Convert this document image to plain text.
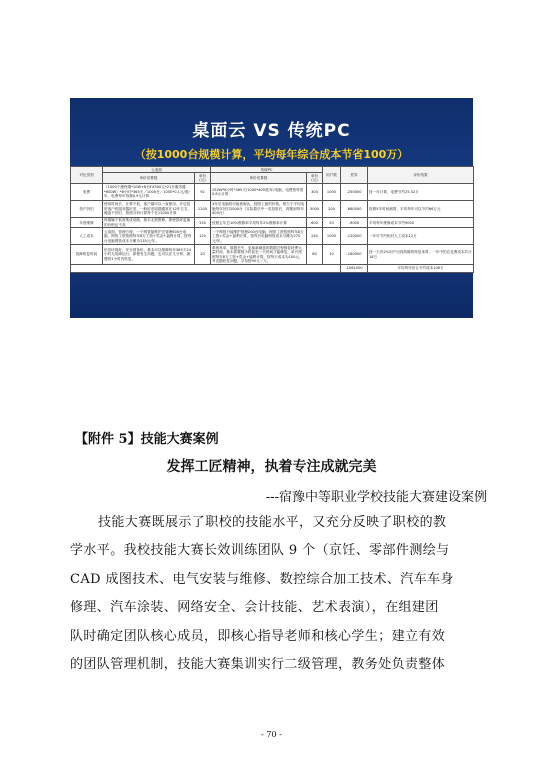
桌面云 VS 传统PC
（按1000台规模计算，平均每年综合成本节省100万）
对比类别	云桌面		传统PC		用户数	差异	评价结果
	单价估算数	单价(元)	单价估算数	单价(元)			
电费	（1000个瘦终端*10W+6台FX500元*21台服务器*600W）*8小时*365天／1000台／1000*0.1元/度/年，电费每年每端0.9元计算	92	250W*8小时*365天/1000*400度/年/电脑，电费按每度0.8元计算	304	1000	-250000	按一年计算，电费节约25.32万
资产折旧	使用时间长，计算不低，客户端可以一直使用，开启投资客户机服务器折旧，一般折旧周期通常在12年左右，硬盘不折旧，按照分析计算每个在12000计算	1200	3年后电脑将可能被淘汰，按照上面的价格，相当于平均电脑每年折旧2000台（实际算法中一类投资后，再搬到每年400台）	3000	200	-660000	按照5年时间测算，平均每年可以节约66万元
年度维修	终端属于低度集成电路，基本无需维修，即使损坏更换的价格也不高	150	按照五年总10%维修率平均每年2%维修率计算	600	20	-9000	平均每年维修成本节约9000
人工成本	云桌面，管理方便，一个网管能维护完管理600台电脑，网管工资按照每年8万工资+奖金+福利计算，按每台电脑网管成本分摊为135元/年。	120	一个网管只能维护管理200台电脑，网管工资按照每年8万工资+奖金+福利计算，按每台电脑网管成本分摊为270元/年。	240	1000	-120000	一年可节约相对人工成本12万
故障恢复时间	依旧环境好，安全预备份，基本可以保障每年365天24小时无故障运行，即使发生问题，也可以在几分钟、最慢的1小时内恢复。	20	系统易单，数据丢失，更换新硬盘的数据过程修复耗费大量时间，基本需要数小时甚至一天时间才能修复，单台按照每年8万工资+奖金+福利计算，按每天成本为100元，考虑随机性问题，平均按90元／天。	80	10	-180000	按一天有2%用户出现故障的恢复来算，一年中的总花费成本共计18万
						-1061000	平均每年综合节约成本106万
【附件 5】技能大赛案例
发挥工匠精神，执着专注成就完美
---宿豫中等职业学校技能大赛建设案例
技能大赛既展示了职校的技能水平，又充分反映了职校的教
学水平。我校技能大赛长效训练团队 9 个（京饪、零部件测绘与
CAD 成图技术、电气安装与维修、数控综合加工技术、汽车车身
修理、汽车涂装、网络安全、会计技能、艺术表演），在组建团
队时确定团队核心成员，即核心指导老师和核心学生；建立有效
的团队管理机制，技能大赛集训实行二级管理，教务处负责整体
- 70 -
